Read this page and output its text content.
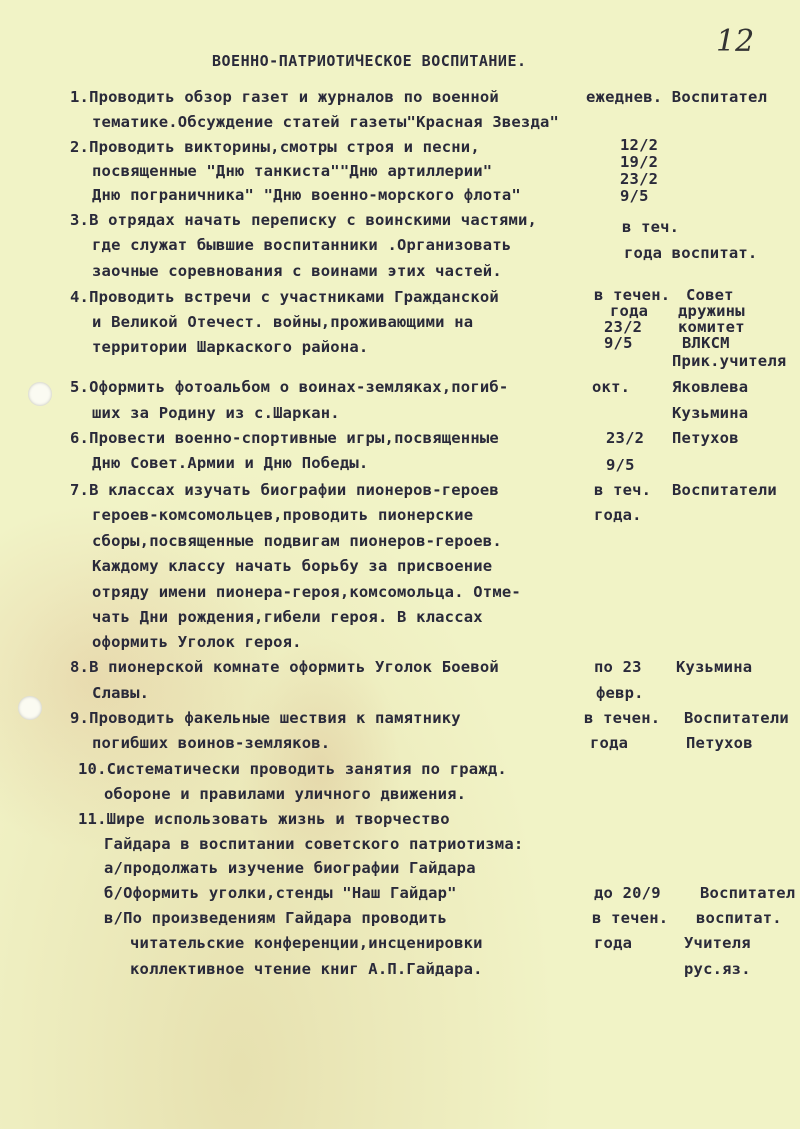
12
ВОЕННО-ПАТРИОТИЧЕСКОЕ ВОСПИТАНИЕ.
1.Проводить обзор газет и журналов по военной	ежеднев. Воспитател
тематике.Обсуждение статей газеты"Красная Звезда"
2.Проводить викторины,смотры строя и песни,	12/2
посвященные "Дню танкиста""Дню артиллерии"	19/2
23/2
Дню пограничника" "Дню военно-морского флота"	9/5
3.В отрядах начать переписку с воинскими частями,	в теч.
где служат бывшие воспитанники .Организовать	года воспитат.
заочные соревнования с воинами этих частей.
4.Проводить встречи с участниками Гражданской	в течен. Совет
года дружины
и Великой Отечест. войны,проживающими на	23/2 комитет
территории Шаркаского района.	9/5	ВЛКСМ
Прик.учителя
5.Оформить фотоальбом о воинах-земляках,погиб-	окт.	Яковлева
ших за Родину из с.Шаркан.	Кузьмина
6.Провести военно-спортивные игры,посвященные	23/2 Петухов
Дню Совет.Армии и Дню Победы.	9/5
7.В классах изучать биографии пионеров-героев	в теч. Воспитатели
героев-комсомольцев,проводить пионерские	года.
сборы,посвященные подвигам пионеров-героев.
Каждому классу начать борьбу за присвоение
отряду имени пионера-героя,комсомольца. Отме-
чать Дни рождения,гибели героя. В классах
оформить Уголок героя.
8.В пионерской комнате оформить Уголок Боевой	по 23 Кузьмина
Славы.	февр.
9.Проводить факельные шествия к памятнику	в течен. Воспитатели
погибших воинов-земляков.	года	Петухов
10.Систематически проводить занятия по гражд.
обороне и правилами уличного движения.
11.Шире использовать жизнь и творчество
Гайдара в воспитании советского патриотизма:
а/продолжать изучение биографии Гайдара
б/Оформить уголки,стенды "Наш Гайдар"	до 20/9	Воспитател
в/По произведениям Гайдара проводить	в течен. воспитат.
читательские конференции,инсценировки	года	Учителя
коллективное чтение книг А.П.Гайдара.	рус.яз.
